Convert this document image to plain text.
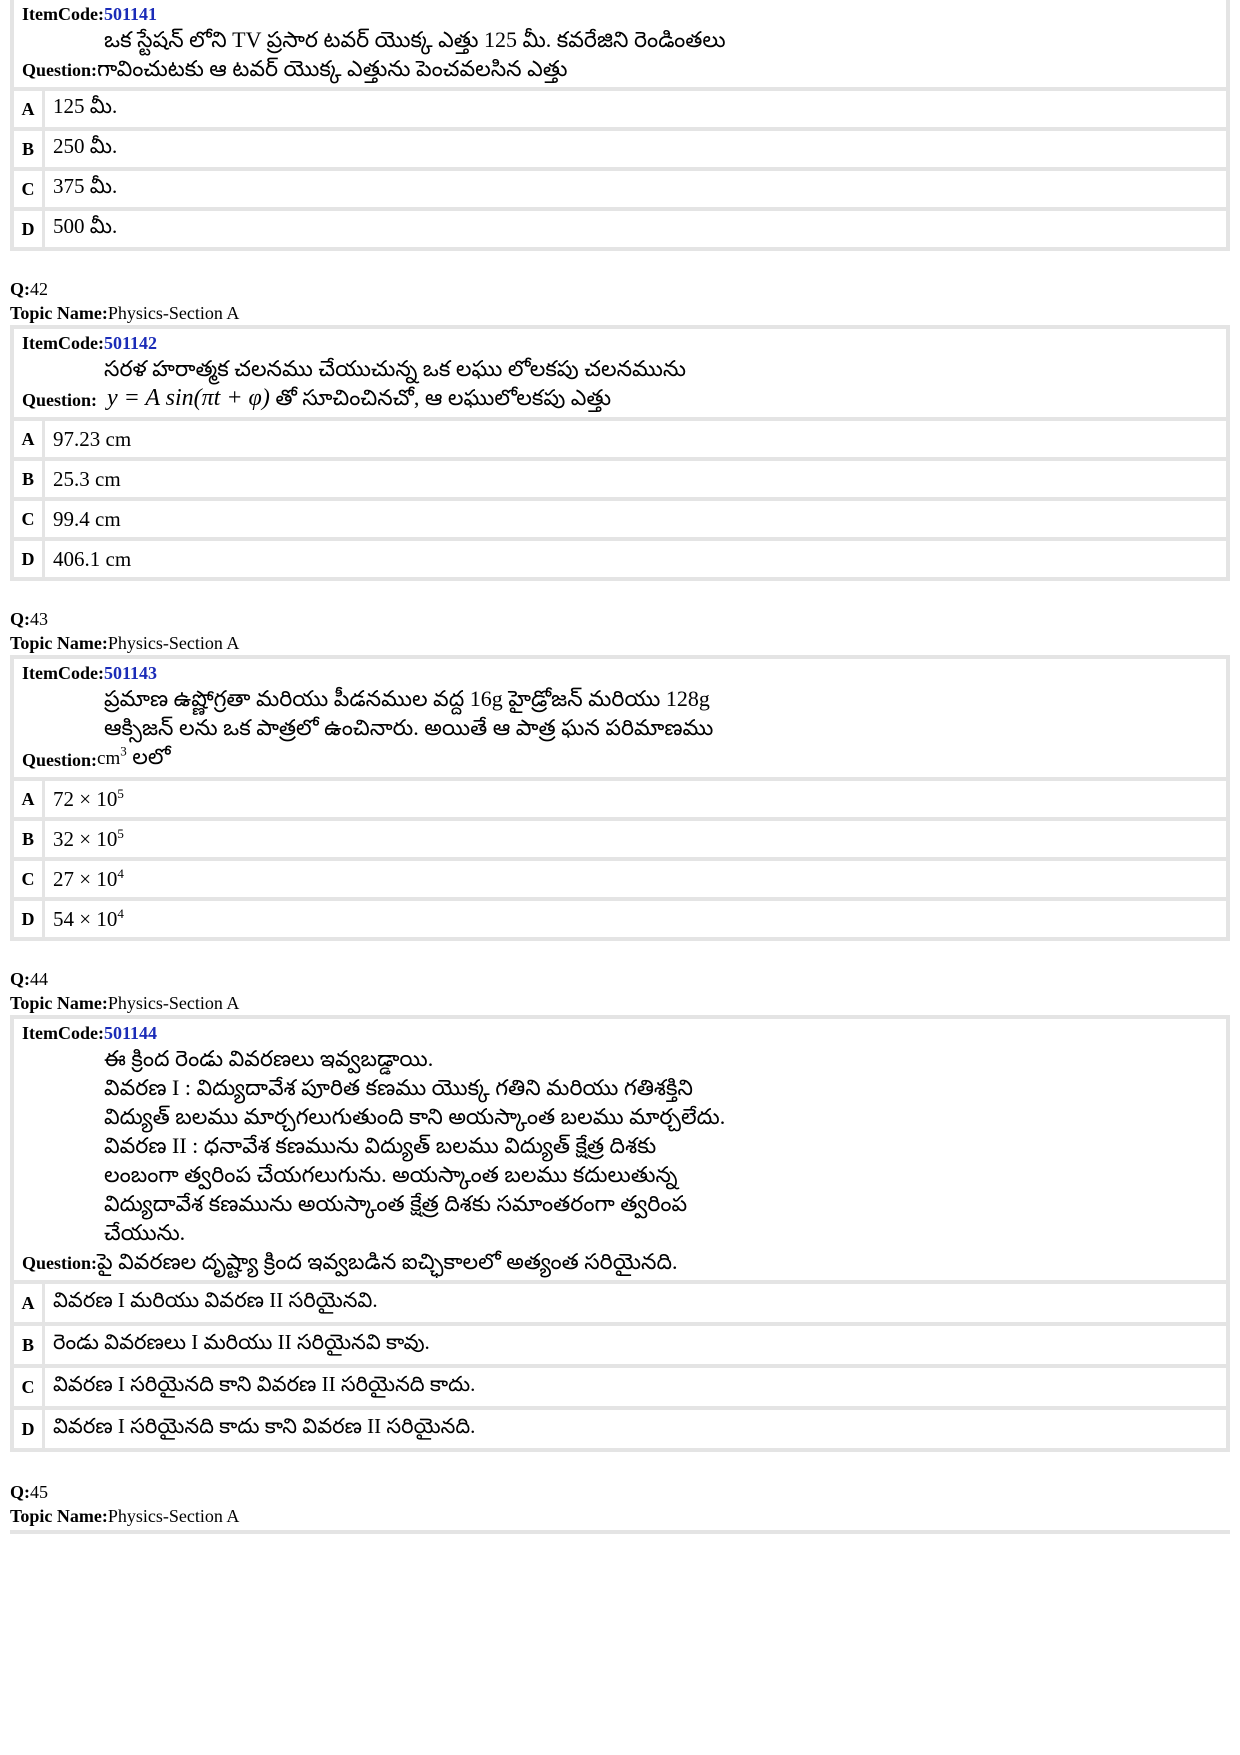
ItemCode:501141
ఒక స్టేషన్ లోని TV ప్రసార టవర్ యొక్క ఎత్తు 125 మీ. కవరేజిని రెండింతలు
Question: గావించుటకు ఆ టవర్ యొక్క ఎత్తును పెంచవలసిన ఎత్తు
A 125 మీ.
B 250 మీ.
C 375 మీ.
D 500 మీ.
Q:42
Topic Name:Physics-Section A
ItemCode:501142
సరళ హరాత్మక చలనము చేయుచున్న ఒక లఘు లోలకపు చలనమును
Question: y = A sin(πt + φ) తో సూచించినచో, ఆ లఘులోలకపు ఎత్తు
A 97.23 cm
B 25.3 cm
C 99.4 cm
D 406.1 cm
Q:43
Topic Name:Physics-Section A
ItemCode:501143
ప్రమాణ ఉష్ణోగ్రతా మరియు పీడనముల వద్ద 16g హైడ్రోజన్ మరియు 128g
ఆక్సిజన్ లను ఒక పాత్రలో ఉంచినారు. అయితే ఆ పాత్ర ఘన పరిమాణము
Question: $cm^3$ లలో
A $72 \times 10^5$
B $32 \times 10^5$
C $27 \times 10^4$
D $54 \times 10^4$
Q:44
Topic Name:Physics-Section A
ItemCode:501144
ఈ క్రింద రెండు వివరణలు ఇవ్వబడ్డాయి.
వివరణ I : విద్యుదావేశ పూరిత కణము యొక్క గతిని మరియు గతిశక్తిని
విద్యుత్ బలము మార్చగలుగుతుంది కాని అయస్కాంత బలము మార్చలేదు.
వివరణ II : ధనావేశ కణమును విద్యుత్ బలము విద్యుత్ క్షేత్ర దిశకు
లంబంగా త్వరింప చేయగలుగును. అయస్కాంత బలము కదులుతున్న
విద్యుదావేశ కణమును అయస్కాంత క్షేత్ర దిశకు సమాంతరంగా త్వరింప
చేయును.
Question: పై వివరణల దృష్ట్యా క్రింద ఇవ్వబడిన ఐచ్ఛికాలలో అత్యంత సరియైనది.
A వివరణ I మరియు వివరణ II సరియైనవి.
B రెండు వివరణలు I మరియు II సరియైనవి కావు.
C వివరణ I సరియైనది కాని వివరణ II సరియైనది కాదు.
D వివరణ I సరియైనది కాదు కాని వివరణ II సరియైనది.
Q:45
Topic Name:Physics-Section A
